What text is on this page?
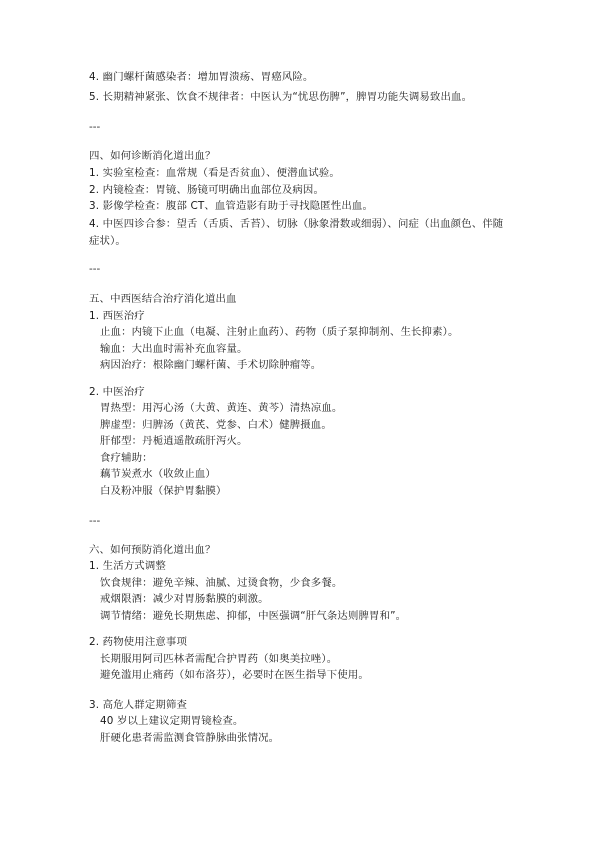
4. 幽门螺杆菌感染者：增加胃溃疡、胃癌风险。
5. 长期精神紧张、饮食不规律者：中医认为“忧思伤脾”，脾胃功能失调易致出血。
---
四、如何诊断消化道出血？
1. 实验室检查：血常规（看是否贫血）、便潜血试验。
2. 内镜检查：胃镜、肠镜可明确出血部位及病因。
3. 影像学检查：腹部 CT、血管造影有助于寻找隐匿性出血。
4. 中医四诊合参：望舌（舌质、舌苔）、切脉（脉象滑数或细弱）、问症（出血颜色、伴随症状）。
---
五、中西医结合治疗消化道出血
1. 西医治疗
止血：内镜下止血（电凝、注射止血药）、药物（质子泵抑制剂、生长抑素）。
输血：大出血时需补充血容量。
病因治疗：根除幽门螺杆菌、手术切除肿瘤等。
2. 中医治疗
胃热型：用泻心汤（大黄、黄连、黄芩）清热凉血。
脾虚型：归脾汤（黄芪、党参、白术）健脾摄血。
肝郁型：丹栀逍遥散疏肝泻火。
食疗辅助：
藕节炭煮水（收敛止血）
白及粉冲服（保护胃黏膜）
---
六、如何预防消化道出血？
1. 生活方式调整
饮食规律：避免辛辣、油腻、过烫食物，少食多餐。
戒烟限酒：减少对胃肠黏膜的刺激。
调节情绪：避免长期焦虑、抑郁，中医强调“肝气条达则脾胃和”。
2. 药物使用注意事项
长期服用阿司匹林者需配合护胃药（如奥美拉唑）。
避免滥用止痛药（如布洛芬），必要时在医生指导下使用。
3. 高危人群定期筛查
40 岁以上建议定期胃镜检查。
肝硬化患者需监测食管静脉曲张情况。
